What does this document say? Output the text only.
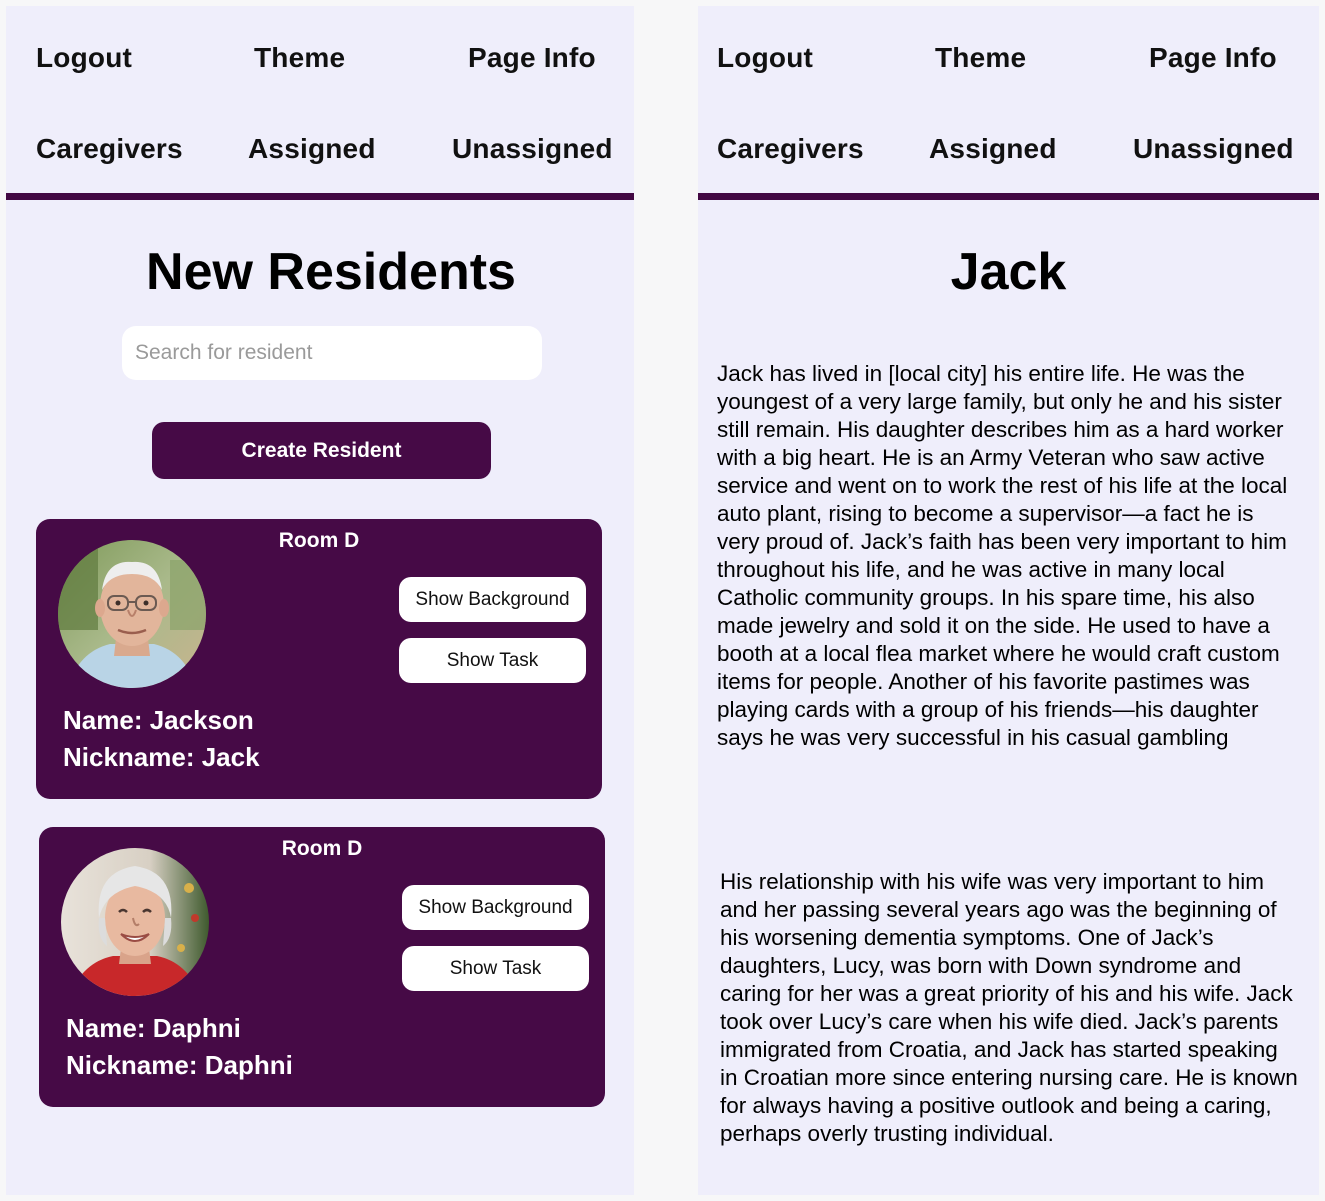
Logout	Theme	Page Info
Caregivers Assigned	Unassigned
New Residents
Search for resident
Create Resident
Room D
Show Background
Show Task
Name: Jackson
Nickname: Jack
Room D
Show Background
Show Task
Name: Daphni
Nickname: Daphni
Logout	Theme	Page Info
Caregivers Assigned	Unassigned
Jack

Jack has lived in [local city] his entire life. He was the youngest of a very large family, but only he and his sister still remain. His daughter describes him as a hard worker with a big heart. He is an Army Veteran who saw active service and went on to work the rest of his life at the local auto plant, rising to become a supervisor—a fact he is very proud of. Jack’s faith has been very important to him throughout his life, and he was active in many local Catholic community groups. In his spare time, his also made jewelry and sold it on the side. He used to have a booth at a local flea market where he would craft custom items for people. Another of his favorite pastimes was playing cards with a group of his friends—his daughter says he was very successful in his casual gambling

His relationship with his wife was very important to him and her passing several years ago was the beginning of his worsening dementia symptoms. One of Jack’s daughters, Lucy, was born with Down syndrome and caring for her was a great priority of his and his wife. Jack took over Lucy’s care when his wife died. Jack’s parents immigrated from Croatia, and Jack has started speaking in Croatian more since entering nursing care. He is known for always having a positive outlook and being a caring, perhaps overly trusting individual.
